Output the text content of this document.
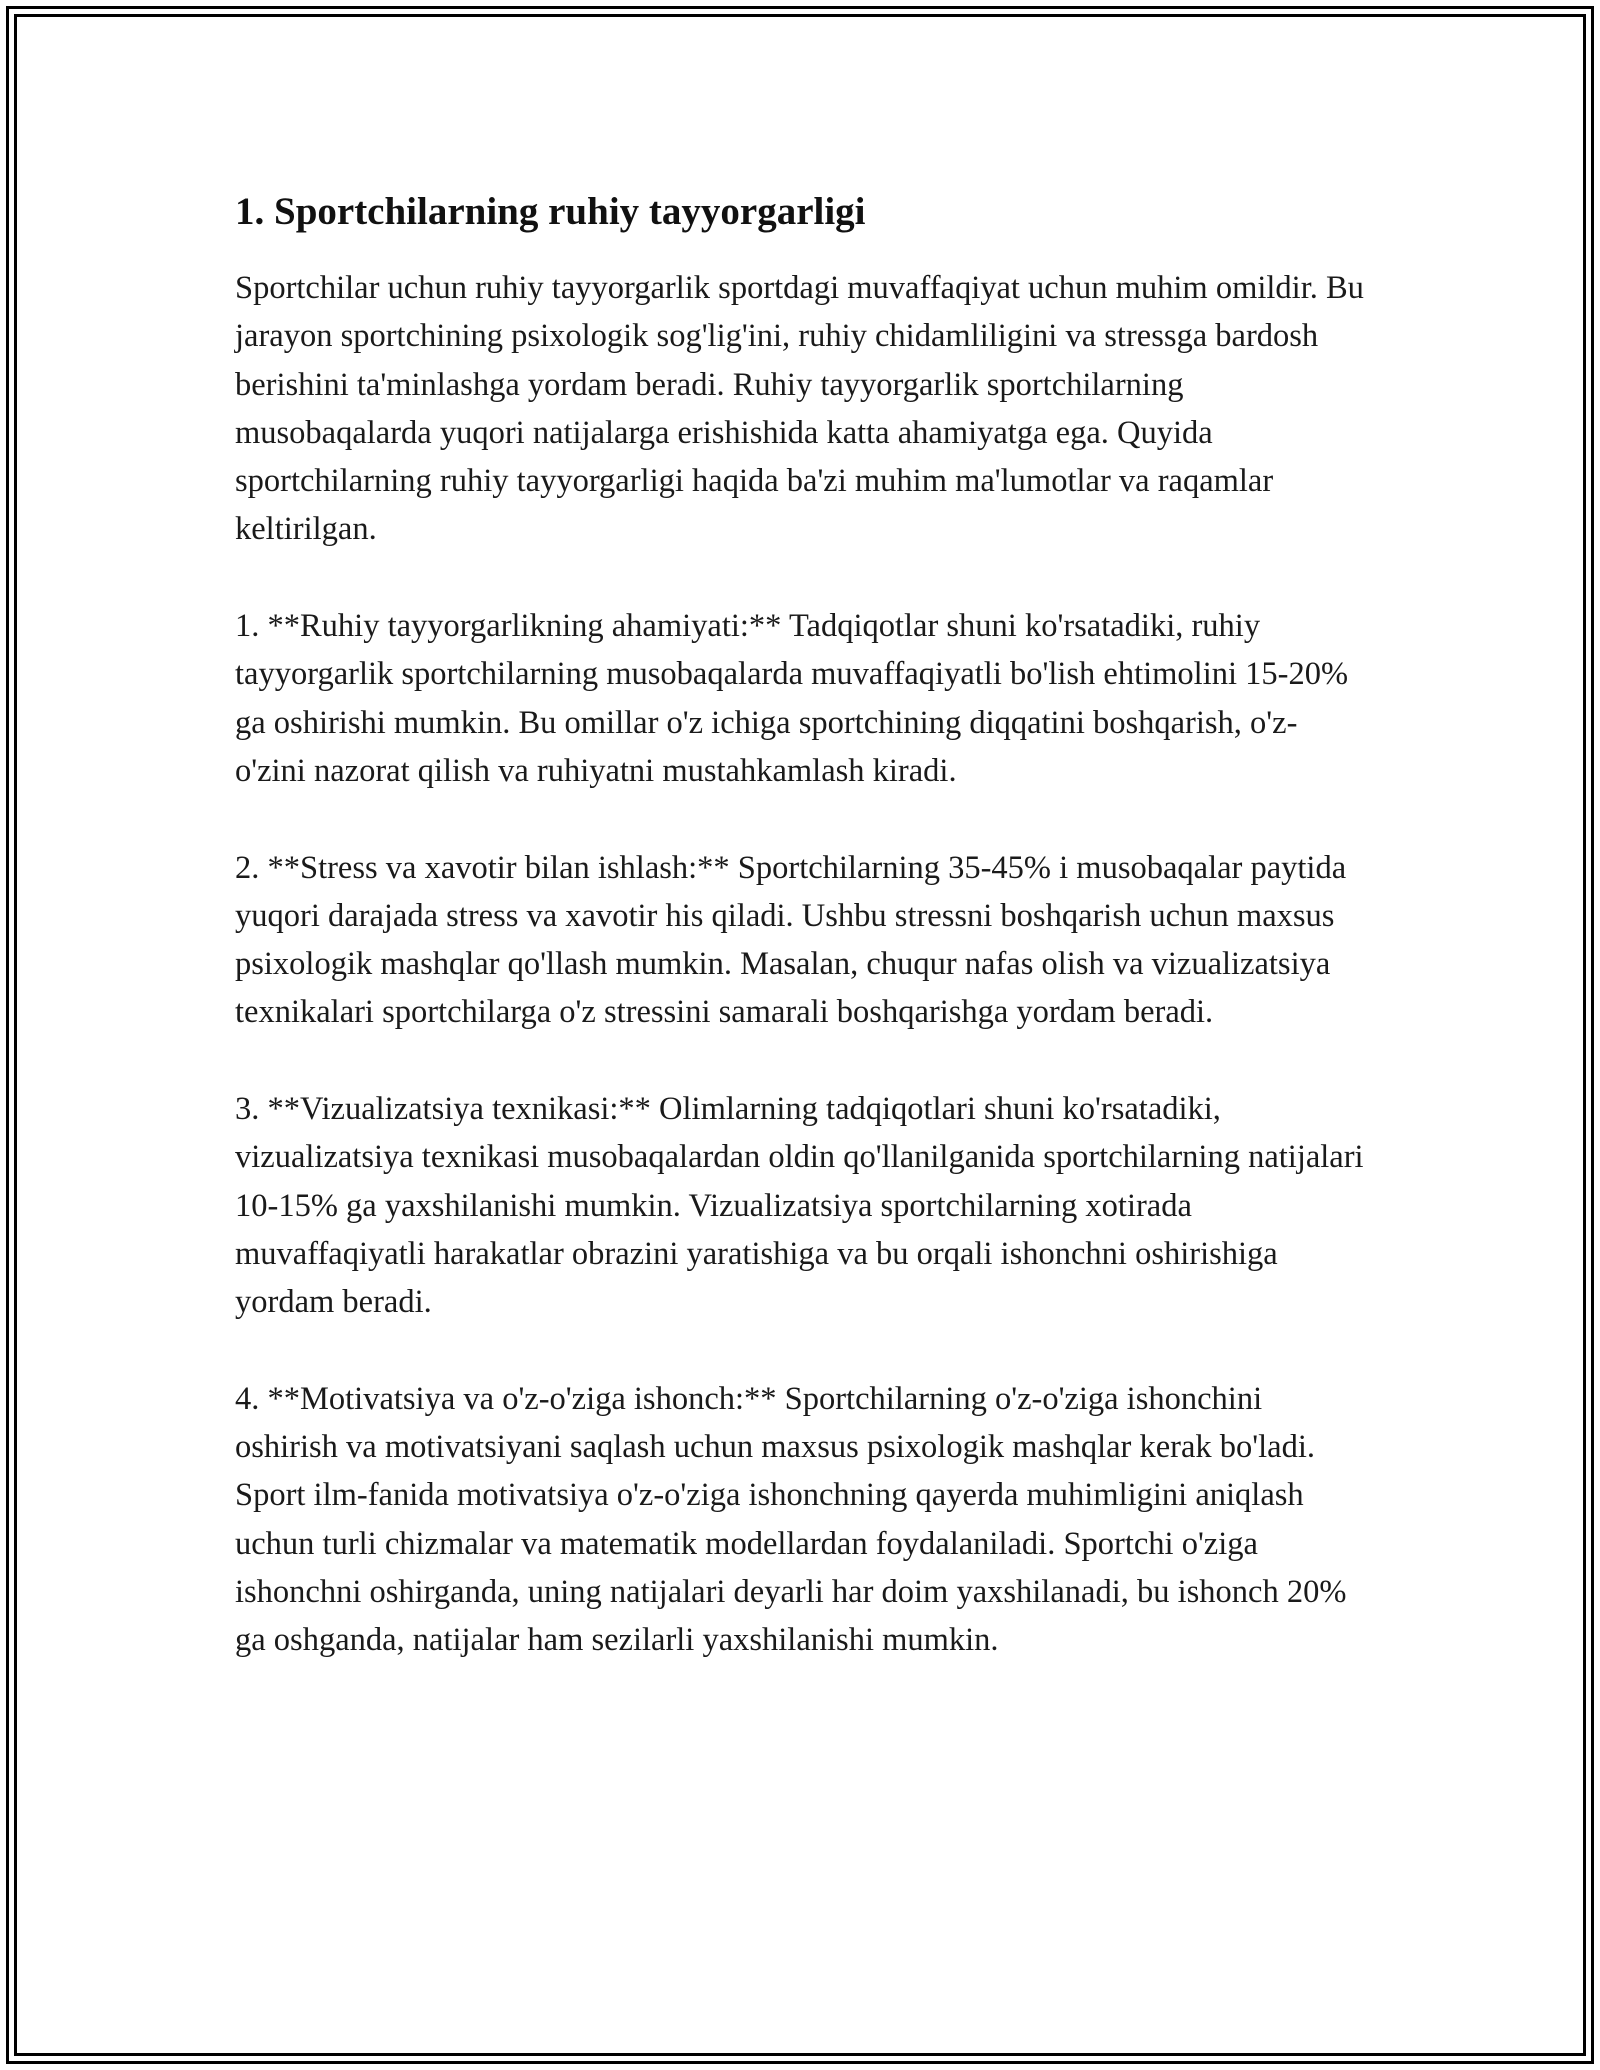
1. Sportchilarning ruhiy tayyorgarligi

Sportchilar uchun ruhiy tayyorgarlik sportdagi muvaffaqiyat uchun muhim omildir. Bu jarayon sportchining psixologik sog'lig'ini, ruhiy chidamliligini va stressga bardosh berishini ta'minlashga yordam beradi. Ruhiy tayyorgarlik sportchilarning musobaqalarda yuqori natijalarga erishishida katta ahamiyatga ega. Quyida sportchilarning ruhiy tayyorgarligi haqida ba'zi muhim ma'lumotlar va raqamlar keltirilgan.

1. **Ruhiy tayyorgarlikning ahamiyati:** Tadqiqotlar shuni ko'rsatadiki, ruhiy tayyorgarlik sportchilarning musobaqalarda muvaffaqiyatli bo'lish ehtimolini 15-20% ga oshirishi mumkin. Bu omillar o'z ichiga sportchining diqqatini boshqarish, o'z-o'zini nazorat qilish va ruhiyatni mustahkamlash kiradi.

2. **Stress va xavotir bilan ishlash:** Sportchilarning 35-45% i musobaqalar paytida yuqori darajada stress va xavotir his qiladi. Ushbu stressni boshqarish uchun maxsus psixologik mashqlar qo'llash mumkin. Masalan, chuqur nafas olish va vizualizatsiya texnikalari sportchilarga o'z stressini samarali boshqarishga yordam beradi.

3. **Vizualizatsiya texnikasi:** Olimlarning tadqiqotlari shuni ko'rsatadiki, vizualizatsiya texnikasi musobaqalardan oldin qo'llanilganida sportchilarning natijalari 10-15% ga yaxshilanishi mumkin. Vizualizatsiya sportchilarning xotirada muvaffaqiyatli harakatlar obrazini yaratishiga va bu orqali ishonchni oshirishiga yordam beradi.

4. **Motivatsiya va o'z-o'ziga ishonch:** Sportchilarning o'z-o'ziga ishonchini oshirish va motivatsiyani saqlash uchun maxsus psixologik mashqlar kerak bo'ladi. Sport ilm-fanida motivatsiya o'z-o'ziga ishonchning qayerda muhimligini aniqlash uchun turli chizmalar va matematik modellardan foydalaniladi. Sportchi o'ziga ishonchni oshirganda, uning natijalari deyarli har doim yaxshilanadi, bu ishonch 20% ga oshganda, natijalar ham sezilarli yaxshilanishi mumkin.
